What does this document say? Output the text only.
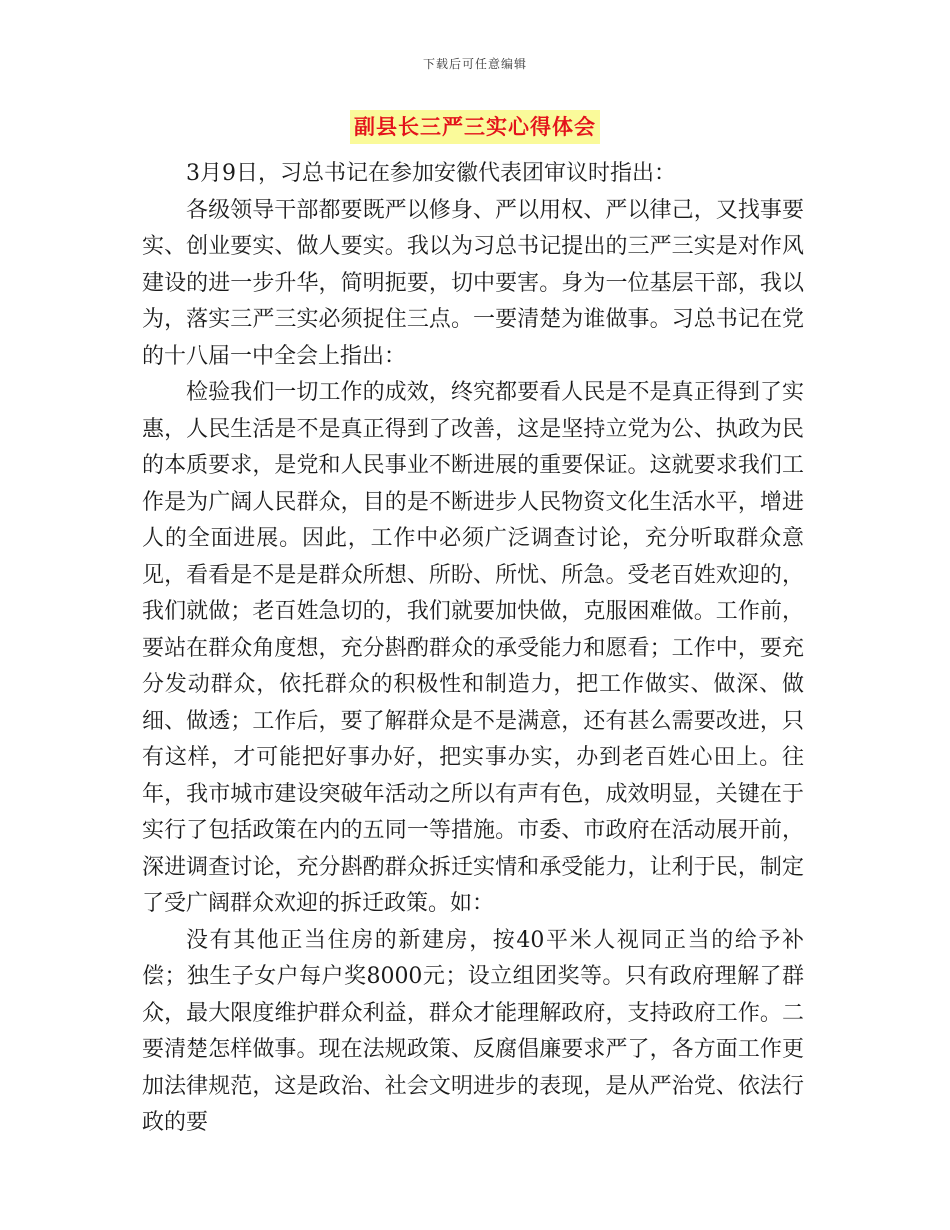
下载后可任意编辑
副县长三严三实心得体会

3月9日，习总书记在参加安徽代表团审议时指出：

各级领导干部都要既严以修身、严以用权、严以律己，又找事要实、创业要实、做人要实。我以为习总书记提出的三严三实是对作风建设的进一步升华，简明扼要，切中要害。身为一位基层干部，我以为，落实三严三实必须捉住三点。一要清楚为谁做事。习总书记在党的十八届一中全会上指出：

检验我们一切工作的成效，终究都要看人民是不是真正得到了实惠，人民生活是不是真正得到了改善，这是坚持立党为公、执政为民的本质要求，是党和人民事业不断进展的重要保证。这就要求我们工作是为广阔人民群众，目的是不断进步人民物资文化生活水平，增进人的全面进展。因此，工作中必须广泛调查讨论，充分听取群众意见，看看是不是是群众所想、所盼、所忧、所急。受老百姓欢迎的，我们就做；老百姓急切的，我们就要加快做，克服困难做。工作前，要站在群众角度想，充分斟酌群众的承受能力和愿看；工作中，要充分发动群众，依托群众的积极性和制造力，把工作做实、做深、做细、做透；工作后，要了解群众是不是满意，还有甚么需要改进，只有这样，才可能把好事办好，把实事办实，办到老百姓心田上。往年，我市城市建设突破年活动之所以有声有色，成效明显，关键在于实行了包括政策在内的五同一等措施。市委、市政府在活动展开前，深进调查讨论，充分斟酌群众拆迁实情和承受能力，让利于民，制定了受广阔群众欢迎的拆迁政策。如：

没有其他正当住房的新建房，按40平米人视同正当的给予补偿；独生子女户每户奖8000元；设立组团奖等。只有政府理解了群众，最大限度维护群众利益，群众才能理解政府，支持政府工作。二要清楚怎样做事。现在法规政策、反腐倡廉要求严了，各方面工作更加法律规范，这是政治、社会文明进步的表现，是从严治党、依法行政的要
